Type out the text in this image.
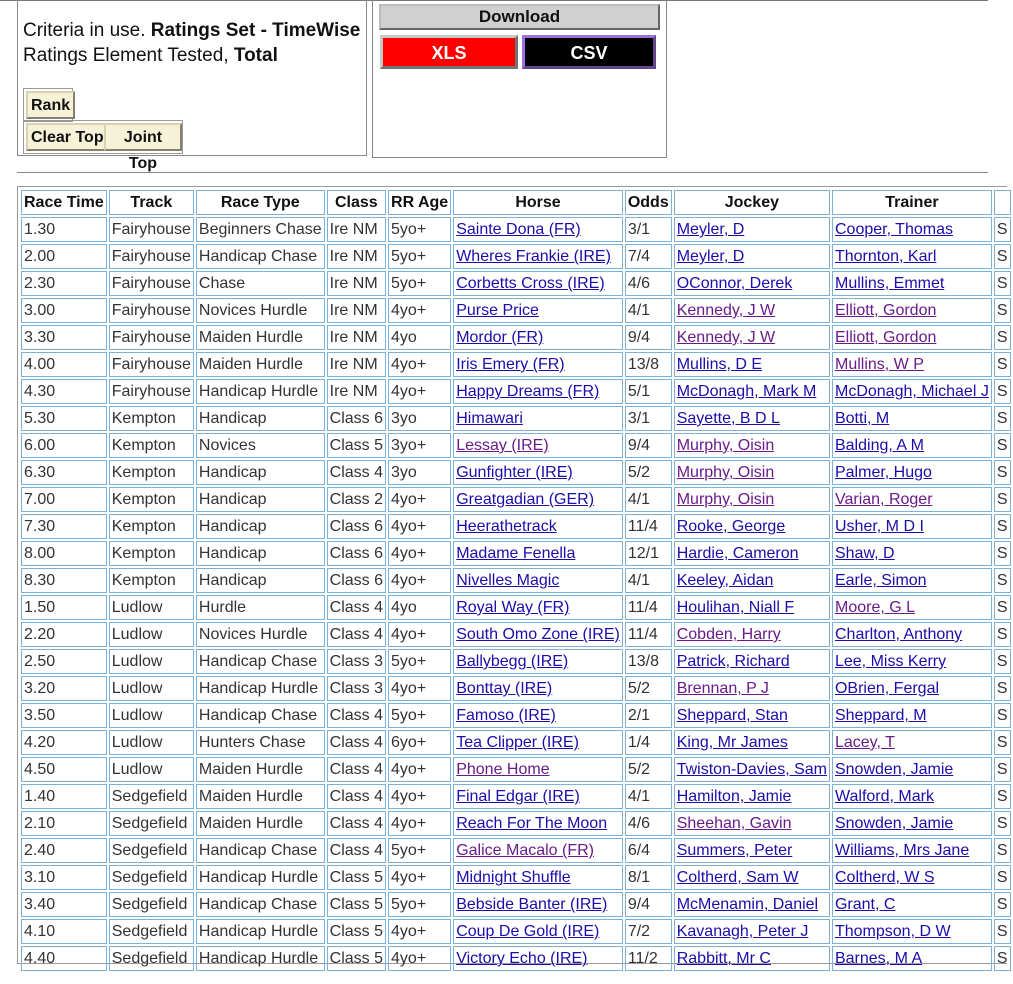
Criteria in use. Ratings Set - TimeWise
Ratings Element Tested, Total
Rank
Clear Top	Joint Top
Download
XLS	CSV
Race Time	Track	Race Type	Class	RR Age	Horse	Odds	Jockey	Trainer	
1.30	Fairyhouse	Beginners Chase	Ire NM	5yo+	Sainte Dona (FR)	3/1	Meyler, D	Cooper, Thomas	S
2.00	Fairyhouse	Handicap Chase	Ire NM	5yo+	Wheres Frankie (IRE)	7/4	Meyler, D	Thornton, Karl	S
2.30	Fairyhouse	Chase	Ire NM	5yo+	Corbetts Cross (IRE)	4/6	OConnor, Derek	Mullins, Emmet	S
3.00	Fairyhouse	Novices Hurdle	Ire NM	4yo+	Purse Price	4/1	Kennedy, J W	Elliott, Gordon	S
3.30	Fairyhouse	Maiden Hurdle	Ire NM	4yo	Mordor (FR)	9/4	Kennedy, J W	Elliott, Gordon	S
4.00	Fairyhouse	Maiden Hurdle	Ire NM	4yo+	Iris Emery (FR)	13/8	Mullins, D E	Mullins, W P	S
4.30	Fairyhouse	Handicap Hurdle	Ire NM	4yo+	Happy Dreams (FR)	5/1	McDonagh, Mark M	McDonagh, Michael J	S
5.30	Kempton	Handicap	Class 6	3yo	Himawari	3/1	Sayette, B D L	Botti, M	S
6.00	Kempton	Novices	Class 5	3yo+	Lessay (IRE)	9/4	Murphy, Oisin	Balding, A M	S
6.30	Kempton	Handicap	Class 4	3yo	Gunfighter (IRE)	5/2	Murphy, Oisin	Palmer, Hugo	S
7.00	Kempton	Handicap	Class 2	4yo+	Greatgadian (GER)	4/1	Murphy, Oisin	Varian, Roger	S
7.30	Kempton	Handicap	Class 6	4yo+	Heerathetrack	11/4	Rooke, George	Usher, M D I	S
8.00	Kempton	Handicap	Class 6	4yo+	Madame Fenella	12/1	Hardie, Cameron	Shaw, D	S
8.30	Kempton	Handicap	Class 6	4yo+	Nivelles Magic	4/1	Keeley, Aidan	Earle, Simon	S
1.50	Ludlow	Hurdle	Class 4	4yo	Royal Way (FR)	11/4	Houlihan, Niall F	Moore, G L	S
2.20	Ludlow	Novices Hurdle	Class 4	4yo+	South Omo Zone (IRE)	11/4	Cobden, Harry	Charlton, Anthony	S
2.50	Ludlow	Handicap Chase	Class 3	5yo+	Ballybegg (IRE)	13/8	Patrick, Richard	Lee, Miss Kerry	S
3.20	Ludlow	Handicap Hurdle	Class 3	4yo+	Bonttay (IRE)	5/2	Brennan, P J	OBrien, Fergal	S
3.50	Ludlow	Handicap Chase	Class 4	5yo+	Famoso (IRE)	2/1	Sheppard, Stan	Sheppard, M	S
4.20	Ludlow	Hunters Chase	Class 4	6yo+	Tea Clipper (IRE)	1/4	King, Mr James	Lacey, T	S
4.50	Ludlow	Maiden Hurdle	Class 4	4yo+	Phone Home	5/2	Twiston-Davies, Sam	Snowden, Jamie	S
1.40	Sedgefield	Maiden Hurdle	Class 4	4yo+	Final Edgar (IRE)	4/1	Hamilton, Jamie	Walford, Mark	S
2.10	Sedgefield	Maiden Hurdle	Class 4	4yo+	Reach For The Moon	4/6	Sheehan, Gavin	Snowden, Jamie	S
2.40	Sedgefield	Handicap Chase	Class 4	5yo+	Galice Macalo (FR)	6/4	Summers, Peter	Williams, Mrs Jane	S
3.10	Sedgefield	Handicap Hurdle	Class 5	4yo+	Midnight Shuffle	8/1	Coltherd, Sam W	Coltherd, W S	S
3.40	Sedgefield	Handicap Chase	Class 5	5yo+	Bebside Banter (IRE)	9/4	McMenamin, Daniel	Grant, C	S
4.10	Sedgefield	Handicap Hurdle	Class 5	4yo+	Coup De Gold (IRE)	7/2	Kavanagh, Peter J	Thompson, D W	S
4.40	Sedgefield	Handicap Hurdle	Class 5	4yo+	Victory Echo (IRE)	11/2	Rabbitt, Mr C	Barnes, M A	S
